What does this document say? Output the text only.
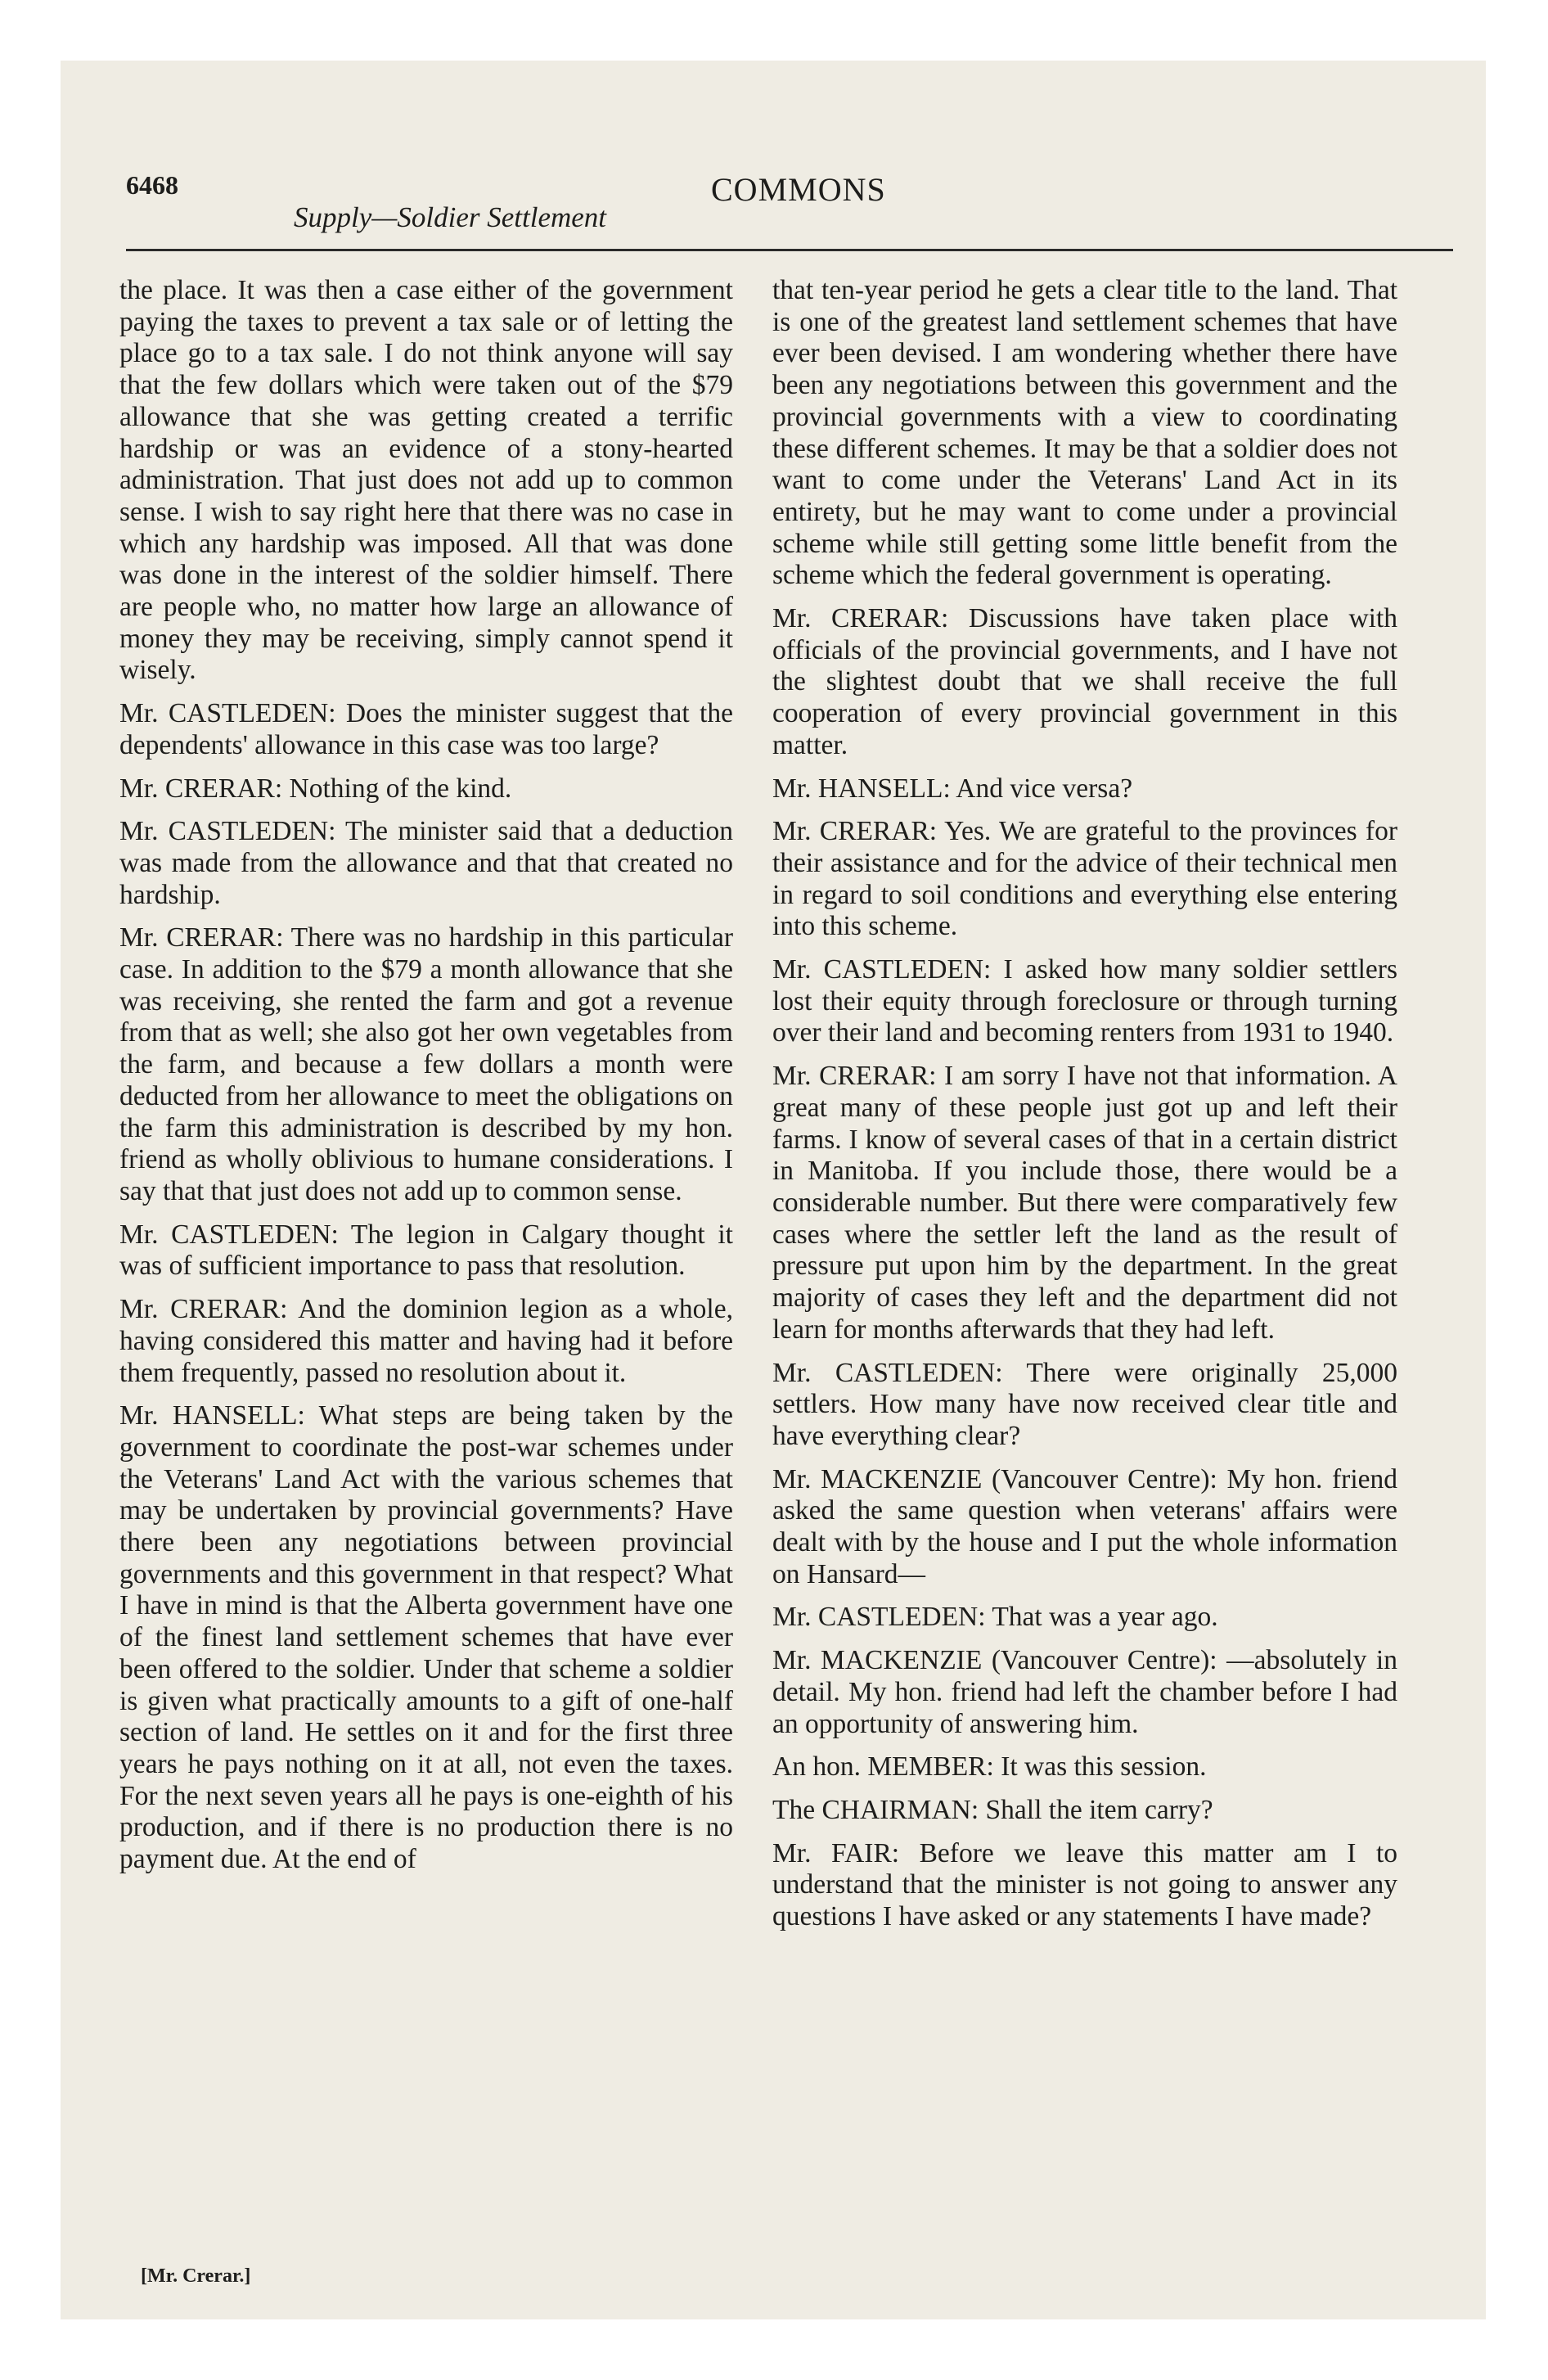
6468
Supply—Soldier Settlement
COMMONS

the place. It was then a case either of the government paying the taxes to prevent a tax sale or of letting the place go to a tax sale. I do not think anyone will say that the few dollars which were taken out of the $79 allowance that she was getting created a terrific hardship or was an evidence of a stony-hearted administration. That just does not add up to common sense. I wish to say right here that there was no case in which any hardship was imposed. All that was done was done in the interest of the soldier himself. There are people who, no matter how large an allowance of money they may be receiving, simply cannot spend it wisely.

Mr. CASTLEDEN: Does the minister suggest that the dependents' allowance in this case was too large?

Mr. CRERAR: Nothing of the kind.

Mr. CASTLEDEN: The minister said that a deduction was made from the allowance and that that created no hardship.

Mr. CRERAR: There was no hardship in this particular case. In addition to the $79 a month allowance that she was receiving, she rented the farm and got a revenue from that as well; she also got her own vegetables from the farm, and because a few dollars a month were deducted from her allowance to meet the obligations on the farm this administration is described by my hon. friend as wholly oblivious to humane considerations. I say that that just does not add up to common sense.

Mr. CASTLEDEN: The legion in Calgary thought it was of sufficient importance to pass that resolution.

Mr. CRERAR: And the dominion legion as a whole, having considered this matter and having had it before them frequently, passed no resolution about it.

Mr. HANSELL: What steps are being taken by the government to coordinate the post-war schemes under the Veterans' Land Act with the various schemes that may be undertaken by provincial governments? Have there been any negotiations between provincial governments and this government in that respect? What I have in mind is that the Alberta government have one of the finest land settlement schemes that have ever been offered to the soldier. Under that scheme a soldier is given what practically amounts to a gift of one-half section of land. He settles on it and for the first three years he pays nothing on it at all, not even the taxes. For the next seven years all he pays is one-eighth of his production, and if there is no production there is no payment due. At the end of

that ten-year period he gets a clear title to the land. That is one of the greatest land settlement schemes that have ever been devised. I am wondering whether there have been any negotiations between this government and the provincial governments with a view to coordinating these different schemes. It may be that a soldier does not want to come under the Veterans' Land Act in its entirety, but he may want to come under a provincial scheme while still getting some little benefit from the scheme which the federal government is operating.

Mr. CRERAR: Discussions have taken place with officials of the provincial governments, and I have not the slightest doubt that we shall receive the full cooperation of every provincial government in this matter.

Mr. HANSELL: And vice versa?

Mr. CRERAR: Yes. We are grateful to the provinces for their assistance and for the advice of their technical men in regard to soil conditions and everything else entering into this scheme.

Mr. CASTLEDEN: I asked how many soldier settlers lost their equity through foreclosure or through turning over their land and becoming renters from 1931 to 1940.

Mr. CRERAR: I am sorry I have not that information. A great many of these people just got up and left their farms. I know of several cases of that in a certain district in Manitoba. If you include those, there would be a considerable number. But there were comparatively few cases where the settler left the land as the result of pressure put upon him by the department. In the great majority of cases they left and the department did not learn for months afterwards that they had left.

Mr. CASTLEDEN: There were originally 25,000 settlers. How many have now received clear title and have everything clear?

Mr. MACKENZIE (Vancouver Centre): My hon. friend asked the same question when veterans' affairs were dealt with by the house and I put the whole information on Hansard—

Mr. CASTLEDEN: That was a year ago.

Mr. MACKENZIE (Vancouver Centre): —absolutely in detail. My hon. friend had left the chamber before I had an opportunity of answering him.

An hon. MEMBER: It was this session.

The CHAIRMAN: Shall the item carry?

Mr. FAIR: Before we leave this matter am I to understand that the minister is not going to answer any questions I have asked or any statements I have made?

[Mr. Crerar.]
